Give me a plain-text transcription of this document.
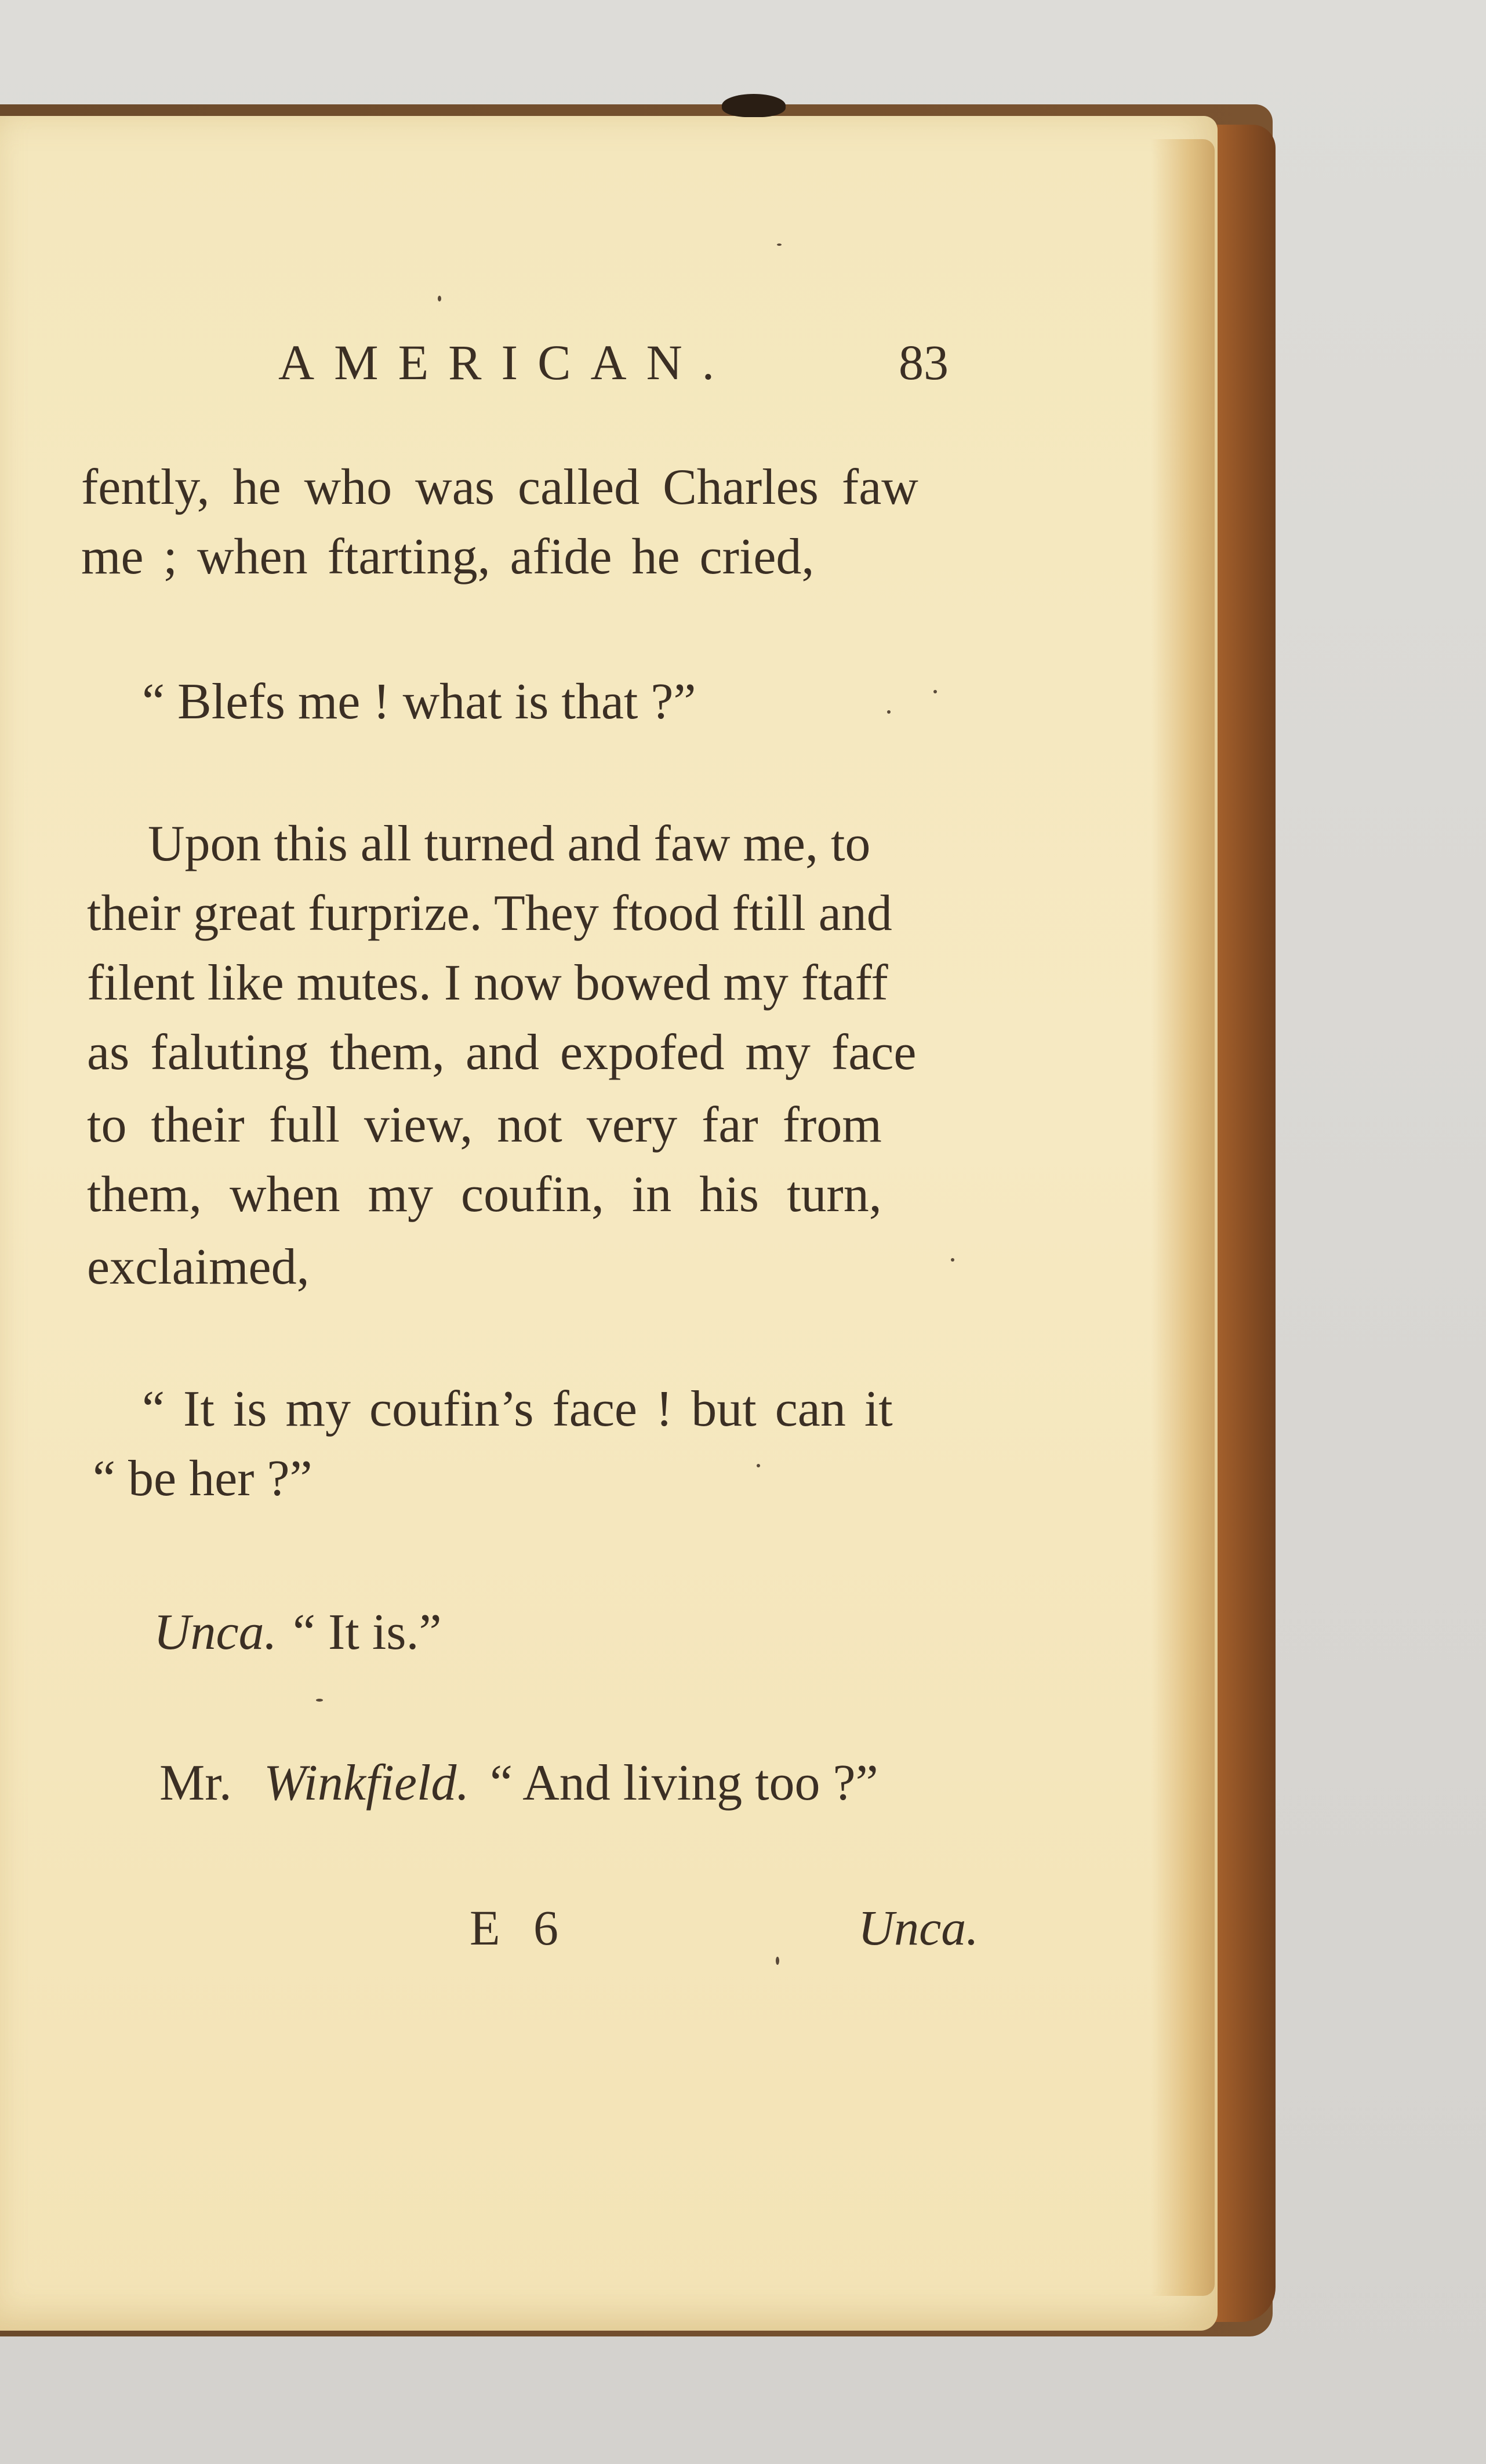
AMERICAN.	83
fently, he who was called Charles faw
me ; when ftarting, afide he cried,
“ Blefs me ! what is that ?”
Upon this all turned and faw me, to
their great furprize. They ftood ftill and
filent like mutes. I now bowed my ftaff
as faluting them, and expofed my face
to their full view, not very far from
them, when my coufin, in his turn,
exclaimed,
“ It is my coufin’s face ! but can it
“ be her ?”
Unca. “ It is.”
Mr. Winkfield. “ And living too ?”
E 6	Unca.
